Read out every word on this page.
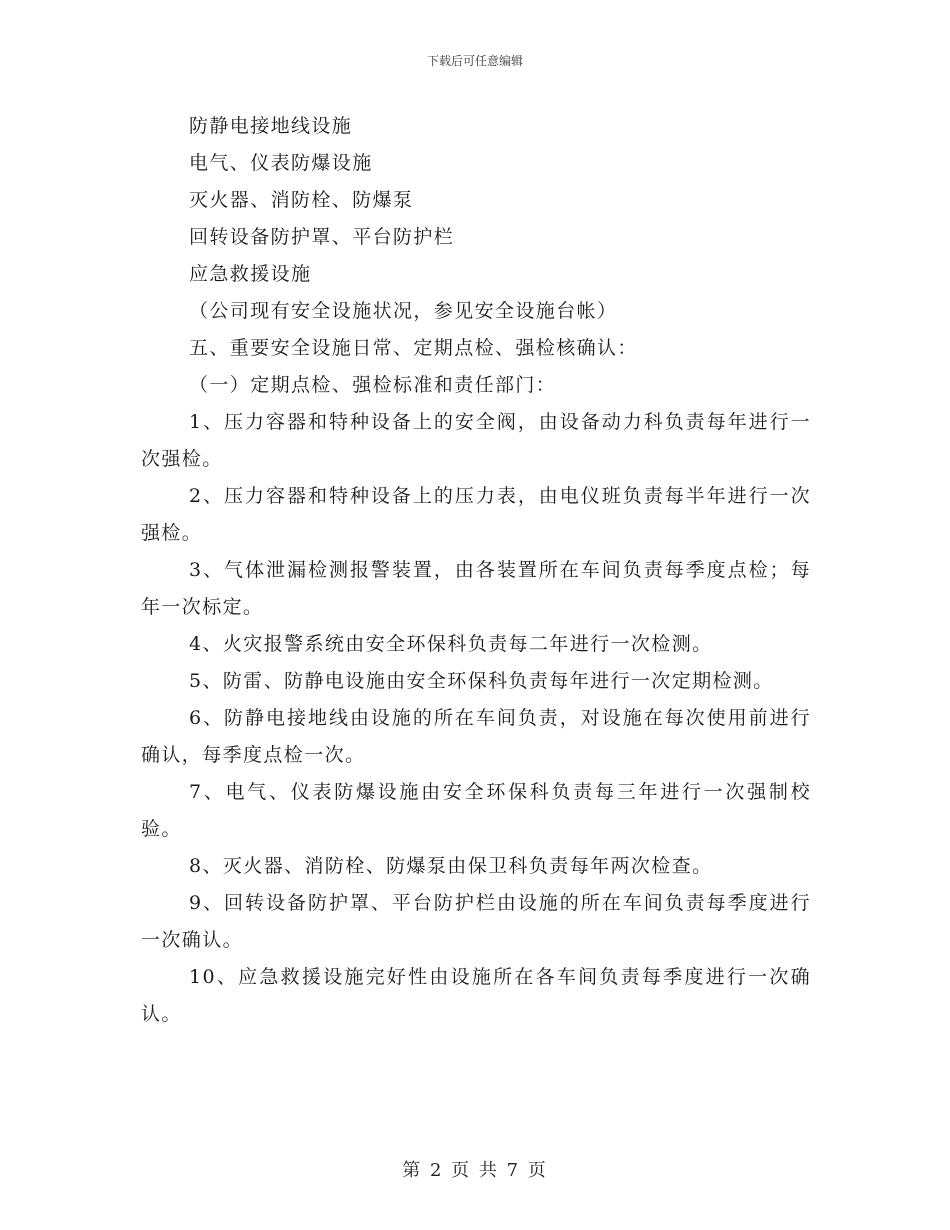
下载后可任意编辑
防静电接地线设施
电气、仪表防爆设施
灭火器、消防栓、防爆泵
回转设备防护罩、平台防护栏
应急救援设施
（公司现有安全设施状况，参见安全设施台帐）
五、重要安全设施日常、定期点检、强检核确认：
（一）定期点检、强检标准和责任部门：
1、压力容器和特种设备上的安全阀，由设备动力科负责每年进行一次强检。
2、压力容器和特种设备上的压力表，由电仪班负责每半年进行一次强检。
3、气体泄漏检测报警装置，由各装置所在车间负责每季度点检；每年一次标定。
4、火灾报警系统由安全环保科负责每二年进行一次检测。
5、防雷、防静电设施由安全环保科负责每年进行一次定期检测。
6、防静电接地线由设施的所在车间负责，对设施在每次使用前进行确认，每季度点检一次。
7、电气、仪表防爆设施由安全环保科负责每三年进行一次强制校验。
8、灭火器、消防栓、防爆泵由保卫科负责每年两次检查。
9、回转设备防护罩、平台防护栏由设施的所在车间负责每季度进行一次确认。
10、应急救援设施完好性由设施所在各车间负责每季度进行一次确认。
第 2 页 共 7 页
